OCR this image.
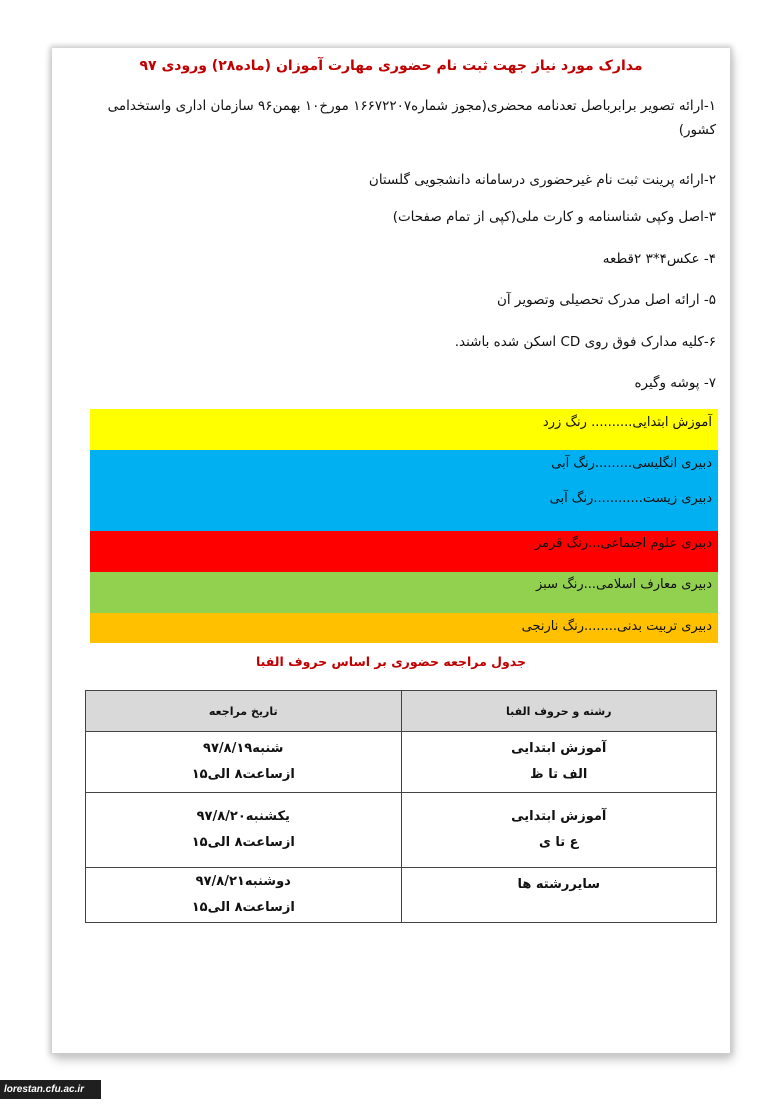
مدارک مورد نیاز جهت ثبت نام حضوری مهارت آموزان (ماده۲۸) ورودی ۹۷
۱-ارائه تصویر برابرباصل تعدنامه محضری(مجوز شماره۱۶۶۷۲۲۰۷ مورخ۱۰ بهمن۹۶ سازمان اداری واستخدامی کشور)
۲-ارائه پرینت ثبت نام غیرحضوری درسامانه دانشجویی گلستان
۳-اصل وکپی شناسنامه و کارت ملی(کپی از تمام صفحات)
۴- عکس۴*۳ ۲قطعه
۵- ارائه اصل مدرک تحصیلی وتصویر آن
۶-کلیه مدارک فوق روی CD اسکن شده باشند.
۷- پوشه وگیره
آموزش ابتدایی.......... رنگ زرد
دبیری انگلیسی.........رنگ آبی
دبیری زیست............رنگ آبی
دبیری علوم اجتماعی...رنگ قرمز
دبیری معارف اسلامی...رنگ سبز
دبیری تربیت بدنی........رنگ نارنجی
جدول مراجعه حضوری بر اساس حروف الفبا
رشته و حروف الفبا	تاریخ مراجعه

آموزش ابتدایی
الف تا ظ	شنبه۹۷/۸/۱۹
ازساعت۸ الی۱۵

آموزش ابتدایی
ع تا ی	یکشنبه۹۷/۸/۲۰
ازساعت۸ الی۱۵

سایررشته ها	دوشنبه۹۷/۸/۲۱
ازساعت۸ الی۱۵
lorestan.cfu.ac.ir
